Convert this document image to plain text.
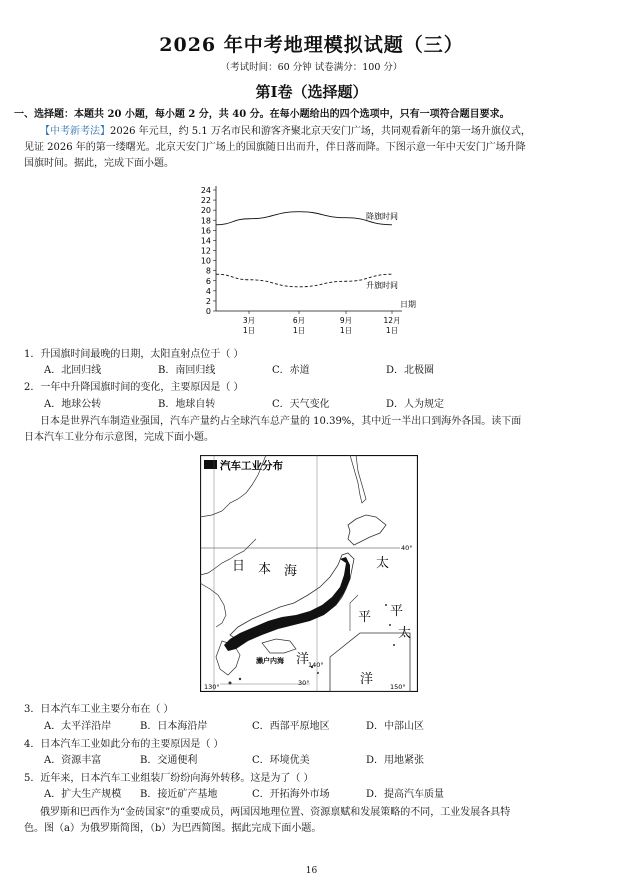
2026 年中考地理模拟试题（三）
（考试时间：60 分钟 试卷满分：100 分）
第Ⅰ卷（选择题）
一、选择题：本题共 20 小题，每小题 2 分，共 40 分。在每小题给出的四个选项中，只有一项符合题目要求。
【中考新考法】2026 年元旦，约 5.1 万名市民和游客齐聚北京天安门广场，共同观看新年的第一场升旗仪式，
见证 2026 年的第一缕曙光。北京天安门广场上的国旗随日出而升，伴日落而降。下图示意一年中天安门广场升降
国旗时间。据此，完成下面小题。
24
22
20
18
16
14
12
10
8
6
4
2
0
3月
1日
6月
1日
9月
1日
12月
1日
日期
降旗时间
升旗时间
1．升国旗时间最晚的日期，太阳直射点位于（ ）
A．北回归线	B．南回归线	C．赤道	D．北极圈
2．一年中升降国旗时间的变化，主要原因是（ ）
A．地球公转	B．地球自转	C．天气变化	D．人为规定
日本是世界汽车制造业强国，汽车产量约占全球汽车总产量的 10.39%，其中近一半出口到海外各国。读下面
日本汽车工业分布示意图，完成下面小题。
汽车工业分布
40°
日 本 海
太
平
太
平
洋
洋
濑户内海
130°
140°
150°
30°
3．日本汽车工业主要分布在（ ）
A．太平洋沿岸	B．日本海沿岸	C．西部平原地区	D．中部山区
4．日本汽车工业如此分布的主要原因是（ ）
A．资源丰富	B．交通便利	C．环境优美	D．用地紧张
5．近年来，日本汽车工业组装厂纷纷向海外转移。这是为了（ ）
A．扩大生产规模 B．接近矿产基地	C．开拓海外市场	D．提高汽车质量
俄罗斯和巴西作为“金砖国家”的重要成员，两国因地理位置、资源禀赋和发展策略的不同，工业发展各具特
色。图（a）为俄罗斯简图，（b）为巴西简图。据此完成下面小题。
16
